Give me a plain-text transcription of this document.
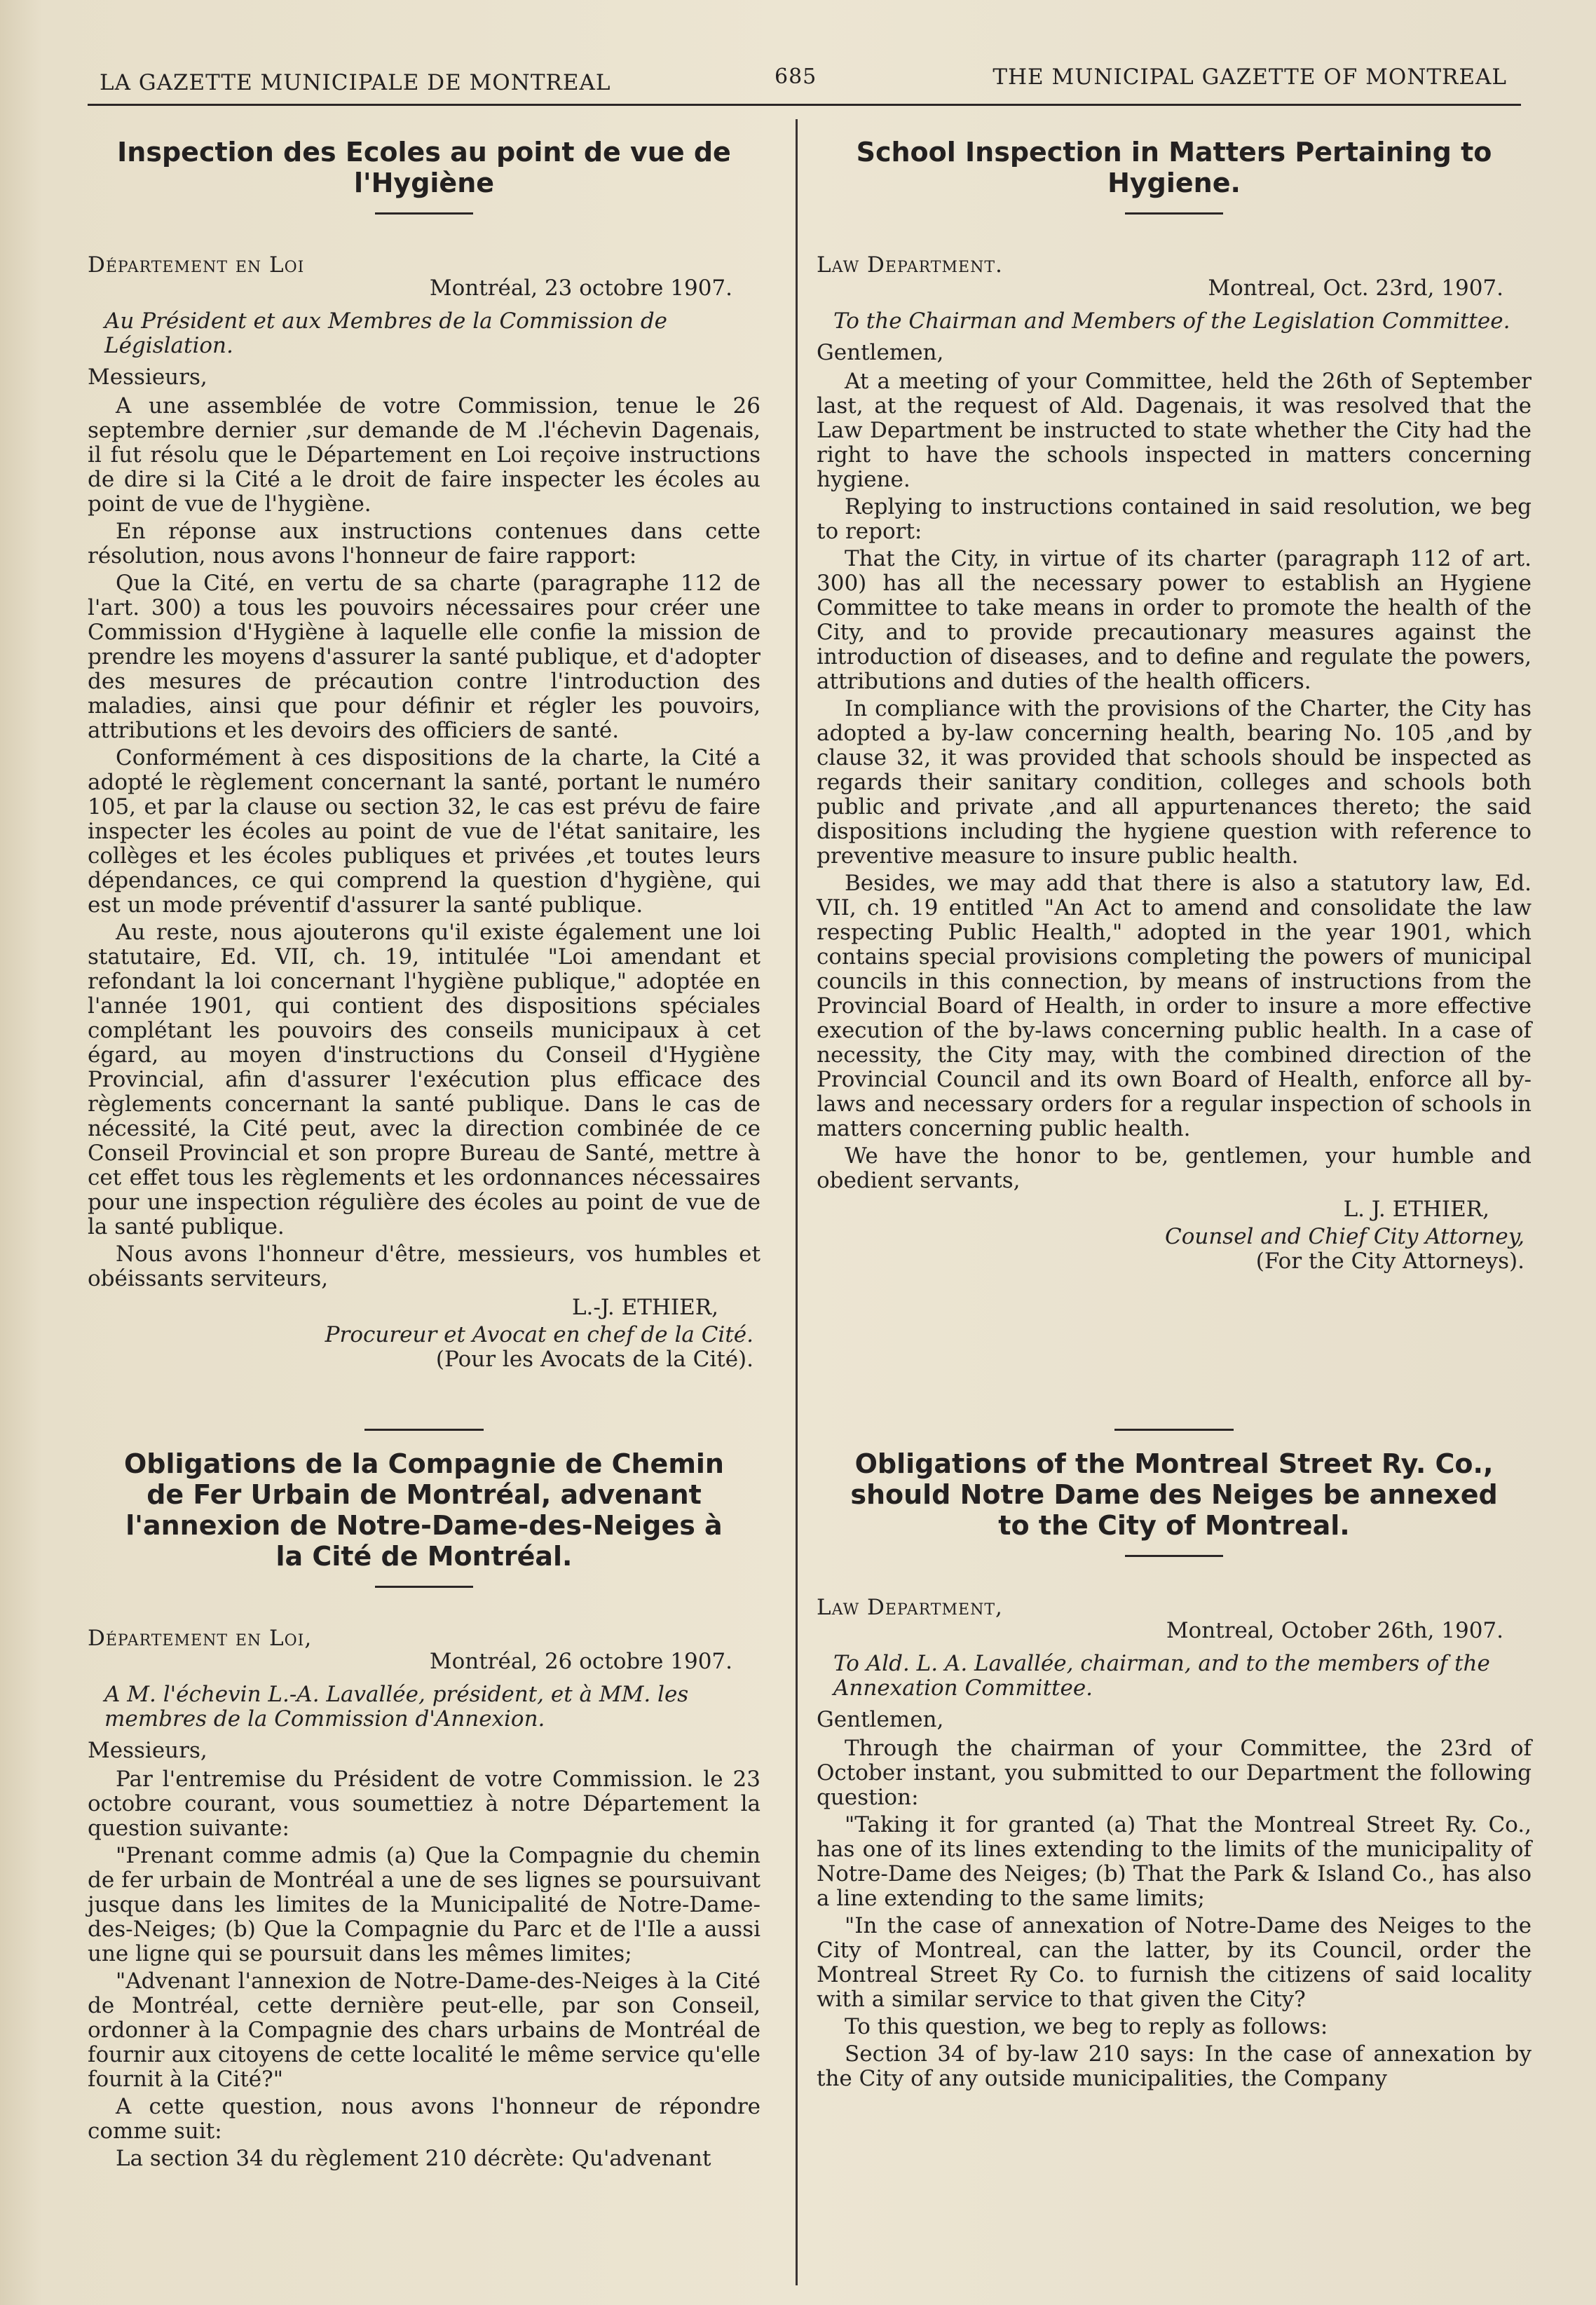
LA GAZETTE MUNICIPALE DE MONTREAL	685	THE MUNICIPAL GAZETTE OF MONTREAL
Inspection des Ecoles au point de vue de l'Hygiène

Département en Loi

Montréal, 23 octobre 1907.

Au Président et aux Membres de la Commission de Législation.

Messieurs,

A une assemblée de votre Commission, tenue le 26 septembre dernier ,sur demande de M .l'échevin Dagenais, il fut résolu que le Département en Loi reçoive instructions de dire si la Cité a le droit de faire inspecter les écoles au point de vue de l'hygiène.

En réponse aux instructions contenues dans cette résolution, nous avons l'honneur de faire rapport:

Que la Cité, en vertu de sa charte (paragraphe 112 de l'art. 300) a tous les pouvoirs nécessaires pour créer une Commission d'Hygiène à laquelle elle confie la mission de prendre les moyens d'assurer la santé publique, et d'adopter des mesures de précaution contre l'introduction des maladies, ainsi que pour définir et régler les pouvoirs, attributions et les devoirs des officiers de santé.

Conformément à ces dispositions de la charte, la Cité a adopté le règlement concernant la santé, portant le numéro 105, et par la clause ou section 32, le cas est prévu de faire inspecter les écoles au point de vue de l'état sanitaire, les collèges et les écoles publiques et privées ,et toutes leurs dépendances, ce qui comprend la question d'hygiène, qui est un mode préventif d'assurer la santé publique.

Au reste, nous ajouterons qu'il existe également une loi statutaire, Ed. VII, ch. 19, intitulée "Loi amendant et refondant la loi concernant l'hygiène publique," adoptée en l'année 1901, qui contient des dispositions spéciales complétant les pouvoirs des conseils municipaux à cet égard, au moyen d'instructions du Conseil d'Hygiène Provincial, afin d'assurer l'exécution plus efficace des règlements concernant la santé publique. Dans le cas de nécessité, la Cité peut, avec la direction combinée de ce Conseil Provincial et son propre Bureau de Santé, mettre à cet effet tous les règlements et les ordonnances nécessaires pour une inspection régulière des écoles au point de vue de la santé publique.

Nous avons l'honneur d'être, messieurs, vos humbles et obéissants serviteurs,

L.-J. ETHIER,

Procureur et Avocat en chef de la Cité.

(Pour les Avocats de la Cité).

Obligations de la Compagnie de Chemin de Fer Urbain de Montréal, advenant l'annexion de Notre-Dame-des-Neiges à la Cité de Montréal.

Département en Loi,

Montréal, 26 octobre 1907.

A M. l'échevin L.-A. Lavallée, président, et à MM. les membres de la Commission d'Annexion.

Messieurs,

Par l'entremise du Président de votre Commission. le 23 octobre courant, vous soumettiez à notre Département la question suivante:

"Prenant comme admis (a) Que la Compagnie du chemin de fer urbain de Montréal a une de ses lignes se poursuivant jusque dans les limites de la Municipalité de Notre-Dame-des-Neiges; (b) Que la Compagnie du Parc et de l'Ile a aussi une ligne qui se poursuit dans les mêmes limites;

"Advenant l'annexion de Notre-Dame-des-Neiges à la Cité de Montréal, cette dernière peut-elle, par son Conseil, ordonner à la Compagnie des chars urbains de Montréal de fournir aux citoyens de cette localité le même service qu'elle fournit à la Cité?"

A cette question, nous avons l'honneur de répondre comme suit:

La section 34 du règlement 210 décrète: Qu'advenant

School Inspection in Matters Pertaining to Hygiene.

Law Department.

Montreal, Oct. 23rd, 1907.

To the Chairman and Members of the Legislation Committee.

Gentlemen,

At a meeting of your Committee, held the 26th of September last, at the request of Ald. Dagenais, it was resolved that the Law Department be instructed to state whether the City had the right to have the schools inspected in matters concerning hygiene.

Replying to instructions contained in said resolution, we beg to report:

That the City, in virtue of its charter (paragraph 112 of art. 300) has all the necessary power to establish an Hygiene Committee to take means in order to promote the health of the City, and to provide precautionary measures against the introduction of diseases, and to define and regulate the powers, attributions and duties of the health officers.

In compliance with the provisions of the Charter, the City has adopted a by-law concerning health, bearing No. 105 ,and by clause 32, it was provided that schools should be inspected as regards their sanitary condition, colleges and schools both public and private ,and all appurtenances thereto; the said dispositions including the hygiene question with reference to preventive measure to insure public health.

Besides, we may add that there is also a statutory law, Ed. VII, ch. 19 entitled "An Act to amend and consolidate the law respecting Public Health," adopted in the year 1901, which contains special provisions completing the powers of municipal councils in this connection, by means of instructions from the Provincial Board of Health, in order to insure a more effective execution of the by-laws concerning public health. In a case of necessity, the City may, with the combined direction of the Provincial Council and its own Board of Health, enforce all by-laws and necessary orders for a regular inspection of schools in matters concerning public health.

We have the honor to be, gentlemen, your humble and obedient servants,

L. J. ETHIER,

Counsel and Chief City Attorney,

(For the City Attorneys).

Obligations of the Montreal Street Ry. Co., should Notre Dame des Neiges be annexed to the City of Montreal.

Law Department,

Montreal, October 26th, 1907.

To Ald. L. A. Lavallée, chairman, and to the members of the Annexation Committee.

Gentlemen,

Through the chairman of your Committee, the 23rd of October instant, you submitted to our Department the following question:

"Taking it for granted (a) That the Montreal Street Ry. Co., has one of its lines extending to the limits of the municipality of Notre-Dame des Neiges; (b) That the Park & Island Co., has also a line extending to the same limits;

"In the case of annexation of Notre-Dame des Neiges to the City of Montreal, can the latter, by its Council, order the Montreal Street Ry Co. to furnish the citizens of said locality with a similar service to that given the City?

To this question, we beg to reply as follows:

Section 34 of by-law 210 says: In the case of annexation by the City of any outside municipalities, the Company
